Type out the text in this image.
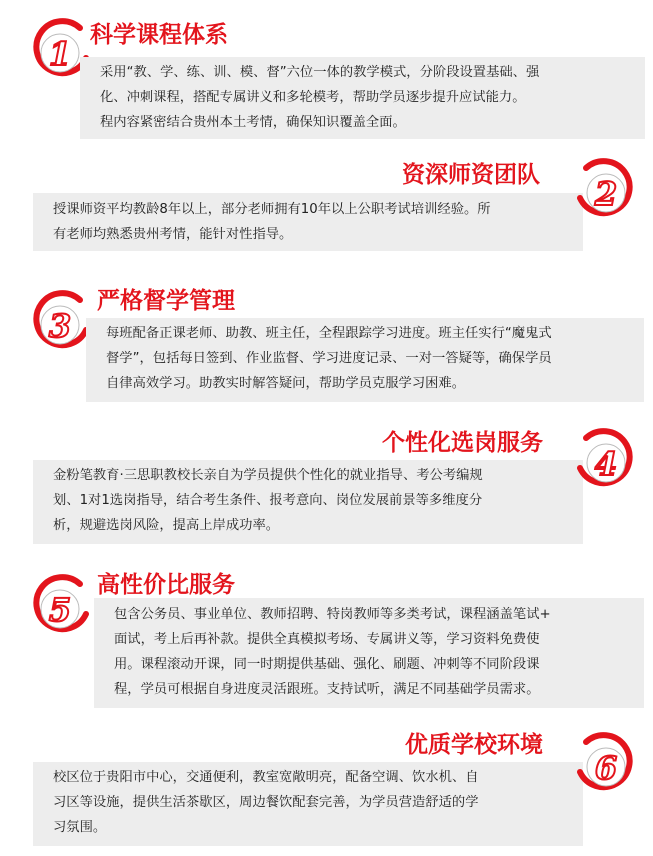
1 科学课程体系

采用“教、学、练、训、模、督”六位一体的教学模式，分阶段设置基础、强

化、冲刺课程，搭配专属讲义和多轮模考，帮助学员逐步提升应试能力。

程内容紧密结合贵州本土考情，确保知识覆盖全面。

资深师资团队

授课师资平均教龄8年以上，部分老师拥有10年以上公职考试培训经验。所

有老师均熟悉贵州考情，能针对性指导。

2
3
严格督学管理

每班配备正课老师、助教、班主任，全程跟踪学习进度。班主任实行“魔鬼式

督学”，包括每日签到、作业监督、学习进度记录、一对一答疑等，确保学员

自律高效学习。助教实时解答疑问，帮助学员克服学习困难。

个性化选岗服务

金粉笔教育·三思职教校长亲自为学员提供个性化的就业指导、考公考编规

划、1对1选岗指导，结合考生条件、报考意向、岗位发展前景等多维度分

析，规避选岗风险，提高上岸成功率。

4
5
高性价比服务

包含公务员、事业单位、教师招聘、特岗教师等多类考试，课程涵盖笔试+

面试，考上后再补款。提供全真模拟考场、专属讲义等，学习资料免费使

用。课程滚动开课，同一时期提供基础、强化、刷题、冲刺等不同阶段课

程，学员可根据自身进度灵活跟班。支持试听，满足不同基础学员需求。

优质学校环境

校区位于贵阳市中心，交通便利，教室宽敞明亮，配备空调、饮水机、自

习区等设施，提供生活茶歇区，周边餐饮配套完善，为学员营造舒适的学

习氛围。

6
